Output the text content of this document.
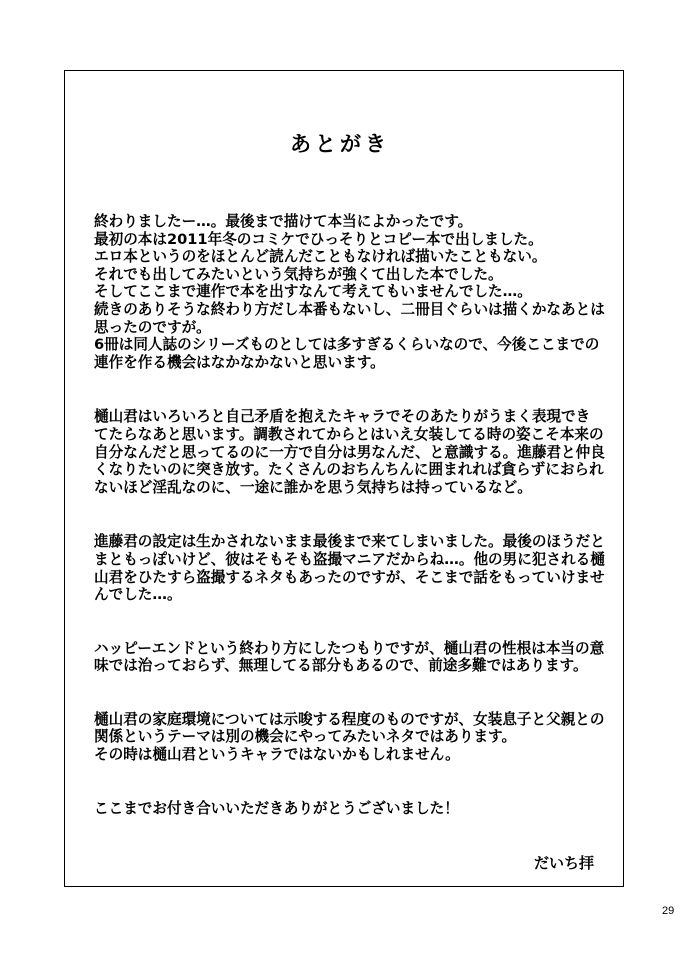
あとがき
終わりましたー…。最後まで描けて本当によかったです。
最初の本は2011年冬のコミケでひっそりとコピー本で出しました。
エロ本というのをほとんど読んだこともなければ描いたこともない。
それでも出してみたいという気持ちが強くて出した本でした。
そしてここまで連作で本を出すなんて考えてもいませんでした…。
続きのありそうな終わり方だし本番もないし、二冊目ぐらいは描くかなあとは
思ったのですが。
6冊は同人誌のシリーズものとしては多すぎるくらいなので、今後ここまでの
連作を作る機会はなかなかないと思います。
樋山君はいろいろと自己矛盾を抱えたキャラでそのあたりがうまく表現でき
てたらなあと思います。調教されてからとはいえ女装してる時の姿こそ本来の
自分なんだと思ってるのに一方で自分は男なんだ、と意識する。進藤君と仲良
くなりたいのに突き放す。たくさんのおちんちんに囲まれれば貪らずにおられ
ないほど淫乱なのに、一途に誰かを思う気持ちは持っているなど。
進藤君の設定は生かされないまま最後まで来てしまいました。最後のほうだと
まともっぽいけど、彼はそもそも盗撮マニアだからね…。他の男に犯される樋
山君をひたすら盗撮するネタもあったのですが、そこまで話をもっていけませ
んでした…。
ハッピーエンドという終わり方にしたつもりですが、樋山君の性根は本当の意
味では治っておらず、無理してる部分もあるので、前途多難ではあります。
樋山君の家庭環境については示唆する程度のものですが、女装息子と父親との
関係というテーマは別の機会にやってみたいネタではあります。
その時は樋山君というキャラではないかもしれません。
ここまでお付き合いいただきありがとうございました！
だいち拝
29
